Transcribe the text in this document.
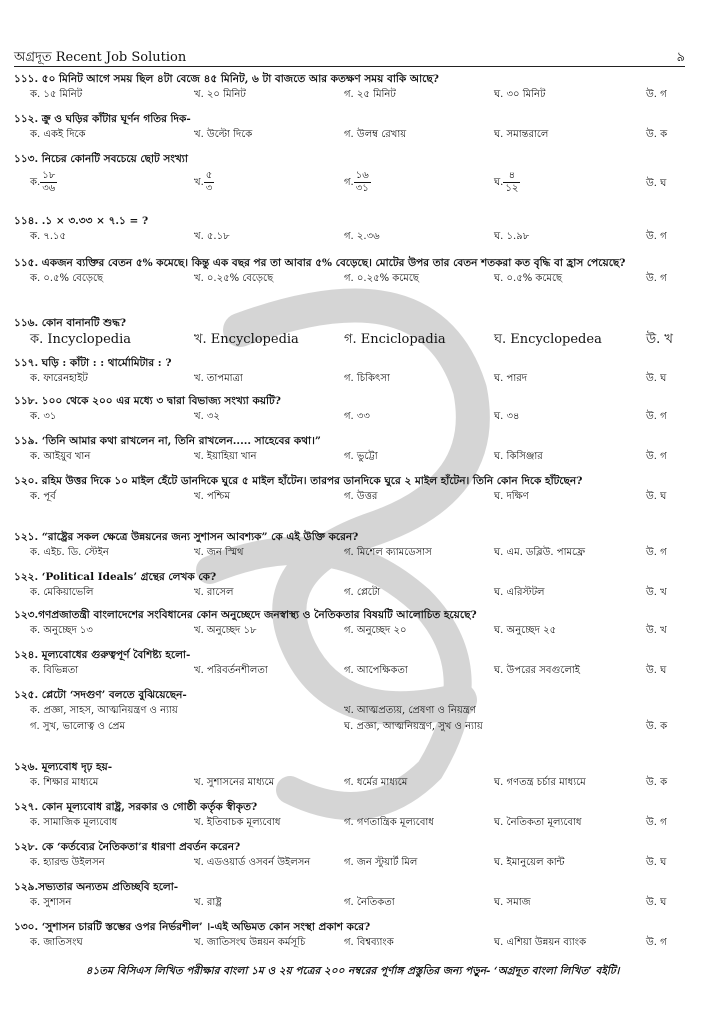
অগ্রদূত Recent Job Solution	৯
১১১. ৫০ মিনিট আগে সময় ছিল ৪টা বেজে ৪৫ মিনিট, ৬ টা বাজতে আর কতক্ষণ সময় বাকি আছে?
ক. ১৫ মিনিট	খ. ২০ মিনিট	গ. ২৫ মিনিট	ঘ. ৩০ মিনিট	উ. গ
১১২. ক্রু ও ঘড়ির কাঁটার ঘূর্ণন গতির দিক-
ক. একই দিকে	খ. উল্টো দিকে	গ. উলম্ব রেখায়	ঘ. সমান্তরালে	উ. ক
১১৩. নিচের কোনটি সবচেয়ে ছোট সংখ্যা
ক. $\frac{১৮}{৩৬}$	খ. $\frac{৫}{৩}$	গ. $\frac{১৬}{৩১}$	ঘ. $\frac{৪}{১২}$	উ. ঘ
১১৪. .১ × ৩.৩৩ × ৭.১ = ?
ক. ৭.১৫	খ. ৫.১৮	গ. ২.৩৬	ঘ. ১.৯৮	উ. গ
১১৫. একজন ব্যক্তির বেতন ৫% কমেছে। কিন্তু এক বছর পর তা আবার ৫% বেড়েছে। মোটের উপর তার বেতন শতকরা কত বৃদ্ধি বা হ্রাস পেয়েছে?
ক. ০.৫% বেড়েছে	খ. ০.২৫% বেড়েছে	গ. ০.২৫% কমেছে	ঘ. ০.৫% কমেছে	উ. গ
১১৬. কোন বানানটি শুদ্ধ?
ক. Incyclopedia	খ. Encyclopedia	গ. Enciclopadia	ঘ. Encyclopedea	উ. খ
১১৭. ঘড়ি : কাঁটা : : থার্মোমিটার : ?
ক. ফারেনহাইট	খ. তাপমাত্রা	গ. চিকিৎসা	ঘ. পারদ	উ. ঘ
১১৮. ১০০ থেকে ২০০ এর মধ্যে ৩ দ্বারা বিভাজ্য সংখ্যা কয়টি?
ক. ৩১	খ. ৩২	গ. ৩৩	ঘ. ৩৪	উ. গ
১১৯. ‘তিনি আমার কথা রাখলেন না, তিনি রাখলেন..... সাহেবের কথা।”
ক. আইয়ুব খান	খ. ইয়াহিয়া খান	গ. ভুট্টো	ঘ. কিসিঞ্জার	উ. গ
১২০. রহিম উত্তর দিকে ১০ মাইল হেঁটে ডানদিকে ঘুরে ৫ মাইল হাঁটেন। তারপর ডানদিকে ঘুরে ২ মাইল হাঁটেন। তিনি কোন দিকে হাঁটছেন?
ক. পূর্ব	খ. পশ্চিম	গ. উত্তর	ঘ. দক্ষিণ	উ. ঘ
১২১. “রাষ্ট্রের সকল ক্ষেত্রে উন্নয়নের জন্য সুশাসন আবশ্যক” কে এই উক্তি করেন?
ক. এইচ. ডি. স্টেইন	খ. জন স্মিথ	গ. মিশেল ক্যামডেসাস	ঘ. এম. ডব্লিউ. পামফ্রে	উ. গ
১২২. ‘Political Ideals’ গ্রন্থের লেখক কে?
ক. মেকিয়াভেলি	খ. রাসেল	গ. প্লেটো	ঘ. এরিস্টটল	উ. খ
১২৩.গণপ্রজাতন্ত্রী বাংলাদেশের সংবিধানের কোন অনুচ্ছেদে জনস্বাস্থ্য ও নৈতিকতার বিষয়টি আলোচিত হয়েছে?
ক. অনুচ্ছেদ ১৩	খ. অনুচ্ছেদ ১৮	গ. অনুচ্ছেদ ২০	ঘ. অনুচ্ছেদ ২৫	উ. খ
১২৪. মূল্যবোধের গুরুত্বপূর্ণ বৈশিষ্ট্য হলো-
ক. বিভিন্নতা	খ. পরিবর্তনশীলতা	গ. আপেক্ষিকতা	ঘ. উপরের সবগুলোই	উ. ঘ
১২৫. প্লেটো ‘সদগুণ’ বলতে বুঝিয়েছেন-
ক. প্রজ্ঞা, সাহস, আত্মনিয়ন্ত্রণ ও ন্যায়	খ. আত্মপ্রত্যয়, প্রেষণা ও নিয়ন্ত্রণ
গ. সুখ, ভালোত্ব ও প্রেম	ঘ. প্রজ্ঞা, আত্মনিয়ন্ত্রণ, সুখ ও ন্যায়	উ. ক
১২৬. মূল্যবোধ দৃঢ় হয়-
ক. শিক্ষার মাধ্যমে	খ. সুশাসনের মাধ্যমে	গ. ধর্মের মাধ্যমে	ঘ. গণতন্ত্র চর্চার মাধ্যমে	উ. ক
১২৭. কোন মূল্যবোধ রাষ্ট্র, সরকার ও গোষ্ঠী কর্তৃক স্বীকৃত?
ক. সামাজিক মূল্যবোধ	খ. ইতিবাচক মূল্যবোধ	গ. গণতান্ত্রিক মূল্যবোধ	ঘ. নৈতিকতা মূল্যবোধ	উ. গ
১২৮. কে ‘কর্তব্যের নৈতিকতা’র ধারণা প্রবর্তন করেন?
ক. হ্যারল্ড উইলসন	খ. এডওয়ার্ড ওসবর্ন উইলসন	গ. জন স্টুয়ার্ট মিল	ঘ. ইমানুয়েল কান্ট	উ. ঘ
১২৯.সভ্যতার অন্যতম প্রতিচ্ছবি হলো-
ক. সুশাসন	খ. রাষ্ট্র	গ. নৈতিকতা	ঘ. সমাজ	উ. ঘ
১৩০. ‘সুশাসন চারটি স্তম্ভের ওপর নির্ভরশীল’ ।-এই অভিমত কোন সংস্থা প্রকাশ করে?
ক. জাতিসংঘ	খ. জাতিসংঘ উন্নয়ন কর্মসূচি	গ. বিশ্বব্যাংক	ঘ. এশিয়া উন্নয়ন ব্যাংক	উ. গ
৪১তম বিসিএস লিখিত পরীক্ষার বাংলা ১ম ও ২য় পত্রের ২০০ নম্বরের পূর্ণাঙ্গ প্রস্তুতির জন্য পড়ুন- ‘অগ্রদূত বাংলা লিখিত’ বইটি।
